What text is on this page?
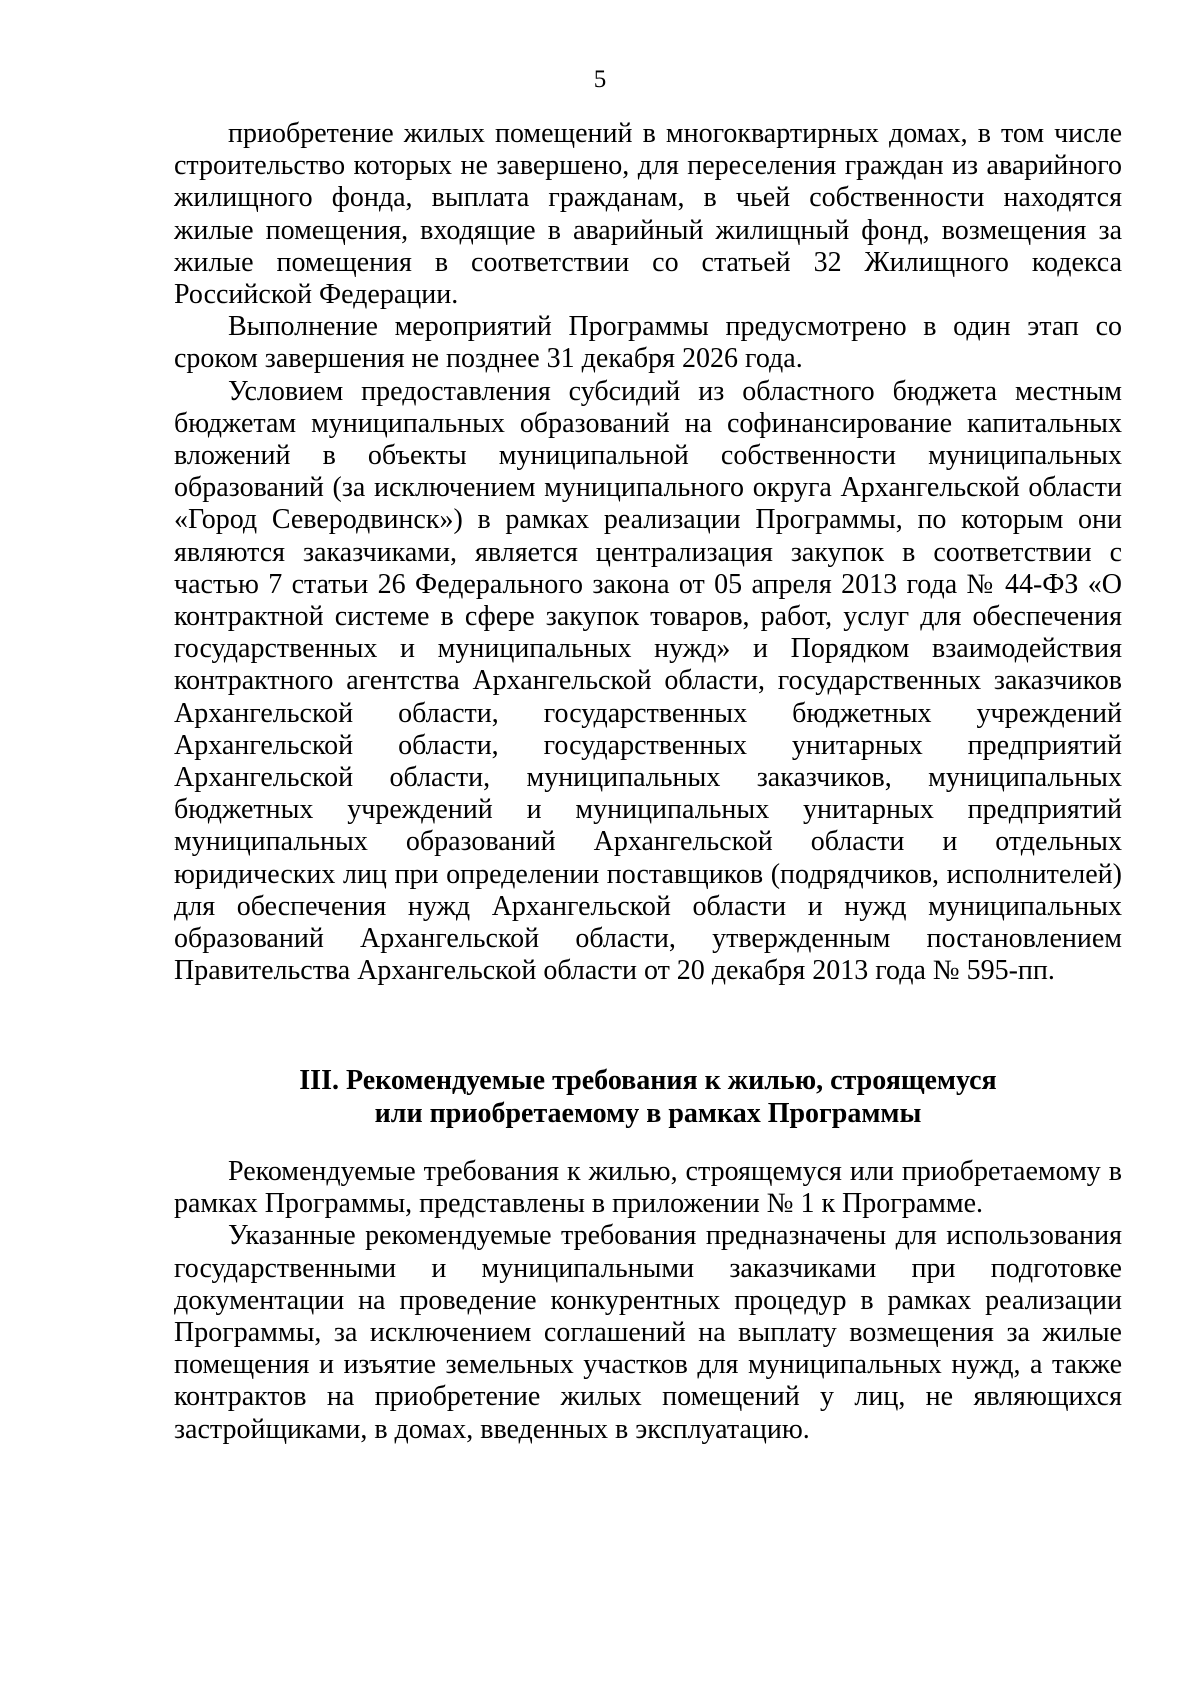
5

приобретение жилых помещений в многоквартирных домах, в том числе строительство которых не завершено, для переселения граждан из аварийного жилищного фонда, выплата гражданам, в чьей собственности находятся жилые помещения, входящие в аварийный жилищный фонд, возмещения за жилые помещения в соответствии со статьей 32 Жилищного кодекса Российской Федерации.

Выполнение мероприятий Программы предусмотрено в один этап со сроком завершения не позднее 31 декабря 2026 года.

Условием предоставления субсидий из областного бюджета местным бюджетам муниципальных образований на софинансирование капитальных вложений в объекты муниципальной собственности муниципальных образований (за исключением муниципального округа Архангельской области «Город Северодвинск») в рамках реализации Программы, по которым они являются заказчиками, является централизация закупок в соответствии с частью 7 статьи 26 Федерального закона от 05 апреля 2013 года № 44-ФЗ «О контрактной системе в сфере закупок товаров, работ, услуг для обеспечения государственных и муниципальных нужд» и Порядком взаимодействия контрактного агентства Архангельской области, государственных заказчиков Архангельской области, государственных бюджетных учреждений Архангельской области, государственных унитарных предприятий Архангельской области, муниципальных заказчиков, муниципальных бюджетных учреждений и муниципальных унитарных предприятий муниципальных образований Архангельской области и отдельных юридических лиц при определении поставщиков (подрядчиков, исполнителей) для обеспечения нужд Архангельской области и нужд муниципальных образований Архангельской области, утвержденным постановлением Правительства Архангельской области от 20 декабря 2013 года № 595-пп.

III. Рекомендуемые требования к жилью, строящемуся
или приобретаемому в рамках Программы

Рекомендуемые требования к жилью, строящемуся или приобретаемому в рамках Программы, представлены в приложении № 1 к Программе.

Указанные рекомендуемые требования предназначены для использования государственными и муниципальными заказчиками при подготовке документации на проведение конкурентных процедур в рамках реализации Программы, за исключением соглашений на выплату возмещения за жилые помещения и изъятие земельных участков для муниципальных нужд, а также контрактов на приобретение жилых помещений у лиц, не являющихся застройщиками, в домах, введенных в эксплуатацию.
